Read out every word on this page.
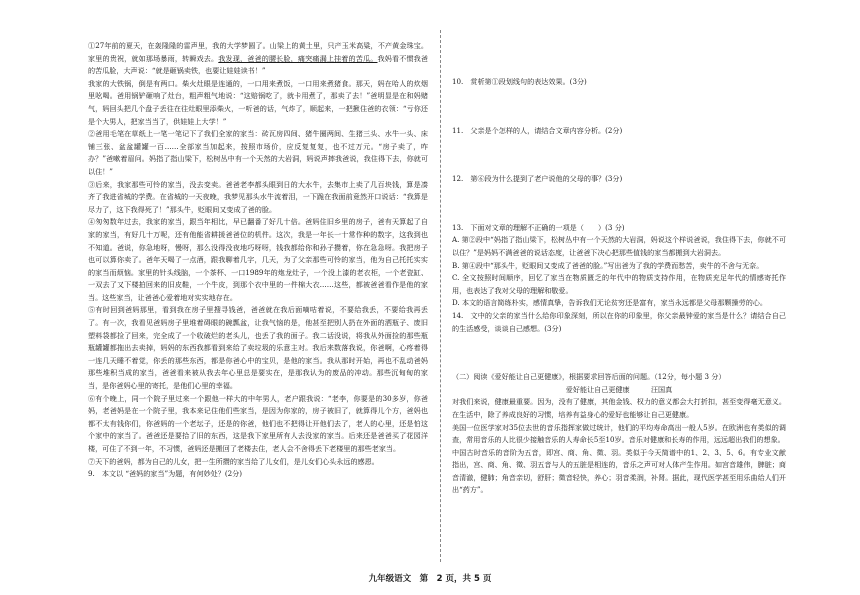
①27年前的夏天，在轰隆隆的雷声里，我的大学梦圆了。山梁上的黄土里，只产玉米高粱，不产黄金珠宝。家里的贵祝，就如那场暴雨，转瞬戏去。我发现，爸爸的腰长脸，痛突痛漏上挂着的苦瓜。我妈看不惯我爸的苦瓜脸，大声说：“就是砸锅卖铁，也要让娃娃读书！”

我家的大铁锅，倒是有两口。柴火灶眼是连通的，一口用来煮饭，一口用来煮猪食。那天，妈在哈人的炊烟里吆喝。爸用锅铲砸响了灶台，粗声粗气地说：“这赔锅吃了，就卡用煮了，那卖了去！”爸明显是在和妈赌气，妈回头把几个盘子丢往在往灶眼里添柴火，一听爸的话，气炸了，顺起来，一把揪住爸的衣领：“亏你还是个大男人，把家当当了，供娃娃上大学！”

②爸用毛笔在草纸上一笔一笔记下了我们全家的家当：砖瓦房四间、猪牛圈两间、生猪三头、水牛一头、床铺三张、盆盆罐罐一百……全部家当加起来，按照市场价，应反复复复，也不过万元。“房子卖了，咋办？”爸嗽着眉问。妈指了指山梁下，松树丛中有一个天然的大岩洞，妈说声摔我爸说，我住得下去，你就可以住！”

③后来，我家那些可怜的家当，没去变卖。爸爸老李都头眼到日的大水牛，去集市上卖了几百块钱，算是凑齐了我进省城的学费。在省城的一天夜晚，我梦见那头水牛流着泪，一下跪在我面前竟然开口说话：“我算是尽力了，这下我得死了！”那头牛，贬眼间又变成了爸的脸。

④匆匆数年过去，我家的家当，跟当年相比，早已翻番了好几十倍。爸妈住旧乡里的房子，爸有天算起了自家的家当，有好几十万呢，还有他能省耕援爸爸位的机件。这次，我是一年长一十常作种的数字，这我到也不知道。爸说，你急地呀，慢呀，那么没得没夜地巧呀呀，钱我都给你和孙子攒着，你在急急呀。我把房子也可以算你卖了。爸年天喝了一点酒，跟我聊着几字，几天，为了父亲那些可怜的家当，他为自己托托实实的家当而烦恼。家里的针头线脑，一个茶杯、一口1989年的炮龙灶子，一个没上漆的老衣柜，一个老瓷缸、一双去了又下楼拍回来的旧皮鞋，一个牛皮，到那个衣中里的一件棉大衣……这些，都被爸爸看作是他的家当。这些家当，让爸爸心爱着地对实实地存在。

⑤有时回到爸妈那里，看到我在房子里搜寻钱爸，爸爸就在我后面嘀咕着说，不要给我丢，不要给我再丢了。有一次，我看见爸妈房子里堆着碍眼的碗瓢盆，让我气恼的是，他甚至把别人扔在外面的洒瓶子、废旧塑料袋都捡了回来，完全成了一个收破烂的老头儿，也丢了我的面子。我二话没说，将我从外面捡的那些瓶瓶罐罐都拖出去卖掉，妈妈的东西我都看到来给了卖垃圾的乐意主对。我后来数落我说，你爸啊，心疼着得一连几天睡不着觉，你丢的那些东西，都是你爸心中的宝贝，是他的家当。我从那时开始，再也不乱动爸妈那些堆积当成的家当，爸爸看来被从我去年心里总是要实在，是那我认为的废品的冲动。那些沉甸甸的家当，是你爸妈心里的寄托，是他们心里的幸福。

⑥有个晚上，同一个院子里过来一个跟他一样大的中年男人，老户跟我说：“老李，你要是的30多岁，你爸妈，老爸妈是在一个院子里，我本来记住他们些家当，是因为你家的，房子被旧了，就算得儿个方，爸妈也都不太有钱你们，你爸妈的一个老坛子，还是的你爸，他们也不把得让开他们去了，老人的心里，还是怕这个家中的家当了。爸爸还是要拾了旧的东西，这是我下家里所有人去没家的家当。后来还是爸爸买了花园洋楼，可住了不到一年，不习惯，爸妈还是搬回了老楼去住，老人会不舍得丢下老楼里的那些老家当。

⑦天下的爸妈，都为自己的儿女，把一生所攒的家当给了儿女们，是儿女们心头永远的感恩。

9.　本文以 “爸妈的家当”为题，有何妙处？(2分)

10.　赏析第①段划线句的表达效果。(3分)

11.　父亲是个怎样的人，请结合文章内容分析。(2分)

12.　第⑥段为什么提到了老户说他的父母的事？(3分)

13.　下面对文章的理解不正确的一项是（　　）(3 分)

A. 第②段中“妈指了指山梁下，松树丛中有一个天然的大岩洞，妈说这个样说爸说，我住得下去，你就不可以住？”是妈妈不满爸爸的说话态度，让爸爸下决心把那些值钱的家当都搬到大岩洞去。

B. 第④段中“那头牛，贬眼间又变成了爸爸的脸。”写出爸为了我的学费而愁苦，卖牛的不舍与无奈。

C. 全文按照时间顺序，回忆了家当在物质匮乏的年代中的物质支持作用，在物质充足年代的情感寄托作用，也表达了我对父母的理解和敬爱。

D. 本文的语言简练朴实，感情真挚，告诉我们无论贫穷还是富有，家当永远都是父母那颗操劳的心。

14.　文中的父亲的家当什么给你印象深刻，所以在你的印象里，你父亲最钟爱的家当是什么？请结合自己的生活感受，谈谈自己感想。(3分)

（二）阅读《爱好能让自己更健康》，根据要求回答后面的问题。（12分，每小题 3 分）

爱好能让自己更健康　　　	汪国真

对我们来说，健康最重要。因为，没有了健康，其他金钱、权力的意义都会大打折扣，甚至变得毫无意义。在生活中，除了养成良好的习惯，培养有益身心的爱好也能够让自己更健康。

美国一位医学家对35位去世的音乐指挥家做过统计，他们的平均寿命高出一般人5岁。在欧洲也有类似的调查，常用音乐的人比很少接触音乐的人寿命长5至10岁。音乐对健康和长寿的作用，远远超出我们的想象。

中国古时音乐的音阶为五音，即宫、商、角、徵、羽。类似于今天简谱中的1、2、3、5、6。有专业文献指出，宫、商、角、徵、羽五音与人的五脏是相连的，音乐之声可对人体产生作用。如宫音雄伟，脾脏；商音清澈，健肺；角音亲切，舒肝；徵音轻快，养心；羽音柔润，补肾。据此，现代医学甚至用乐曲给人们开出“药方”。

九年级语文　第　2 页，共 5 页
